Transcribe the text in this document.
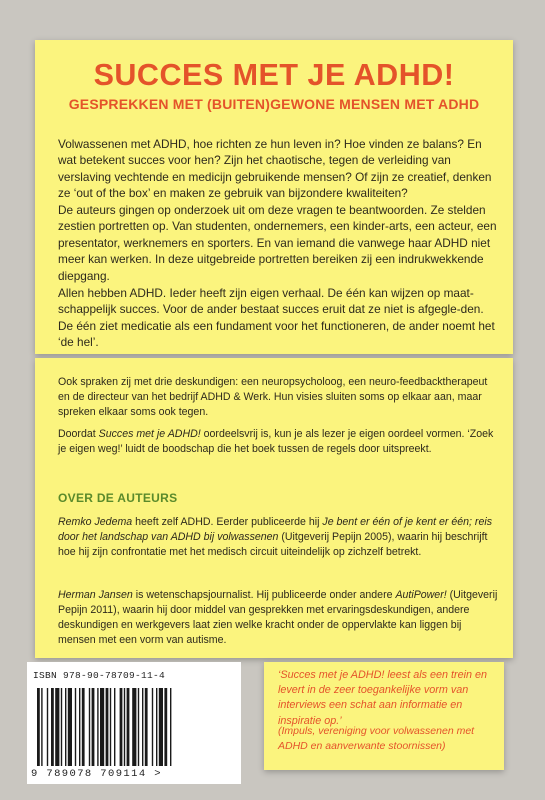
SUCCES MET JE ADHD!
GESPREKKEN MET (BUITEN)GEWONE MENSEN MET ADHD

Volwassenen met ADHD, hoe richten ze hun leven in? Hoe vinden ze balans? En wat betekent succes voor hen? Zijn het chaotische, tegen de verleiding van verslaving vechtende en medicijn gebruikende mensen? Of zijn ze creatief, denken ze ‘out of the box’ en maken ze gebruik van bijzondere kwaliteiten?

De auteurs gingen op onderzoek uit om deze vragen te beantwoorden. Ze stelden zestien portretten op. Van studenten, ondernemers, een kinder-arts, een acteur, een presentator, werknemers en sporters. En van iemand die vanwege haar ADHD niet meer kan werken. In deze uitgebreide portretten bereiken zij een indrukwekkende diepgang.

Allen hebben ADHD. Ieder heeft zijn eigen verhaal. De één kan wijzen op maat-schappelijk succes. Voor de ander bestaat succes eruit dat ze niet is afgegle-den. De één ziet medicatie als een fundament voor het functioneren, de ander noemt het ‘de hel’.

Ook spraken zij met drie deskundigen: een neuropsycholoog, een neuro-feedbacktherapeut en de directeur van het bedrijf ADHD & Werk. Hun visies sluiten soms op elkaar aan, maar spreken elkaar soms ook tegen.

Doordat Succes met je ADHD! oordeelsvrij is, kun je als lezer je eigen oordeel vormen. ‘Zoek je eigen weg!’ luidt de boodschap die het boek tussen de regels door uitspreekt.

OVER DE AUTEURS

Remko Jedema heeft zelf ADHD. Eerder publiceerde hij Je bent er één of je kent er één; reis door het landschap van ADHD bij volwassenen (Uitgeverij Pepijn 2005), waarin hij beschrijft hoe hij zijn confrontatie met het medisch circuit uiteindelijk op zichzelf betrekt.

Herman Jansen is wetenschapsjournalist. Hij publiceerde onder andere AutiPower! (Uitgeverij Pepijn 2011), waarin hij door middel van gesprekken met ervaringsdeskundigen, andere deskundigen en werkgevers laat zien welke kracht onder de oppervlakte kan liggen bij mensen met een vorm van autisme.

ISBN 978-90-78709-11-4
9 789078 709114 >

‘Succes met je ADHD! leest als een trein en levert in de zeer toegankelijke vorm van interviews een schat aan informatie en inspiratie op.’

(Impuls, vereniging voor volwassenen met ADHD en aanverwante stoornissen)
